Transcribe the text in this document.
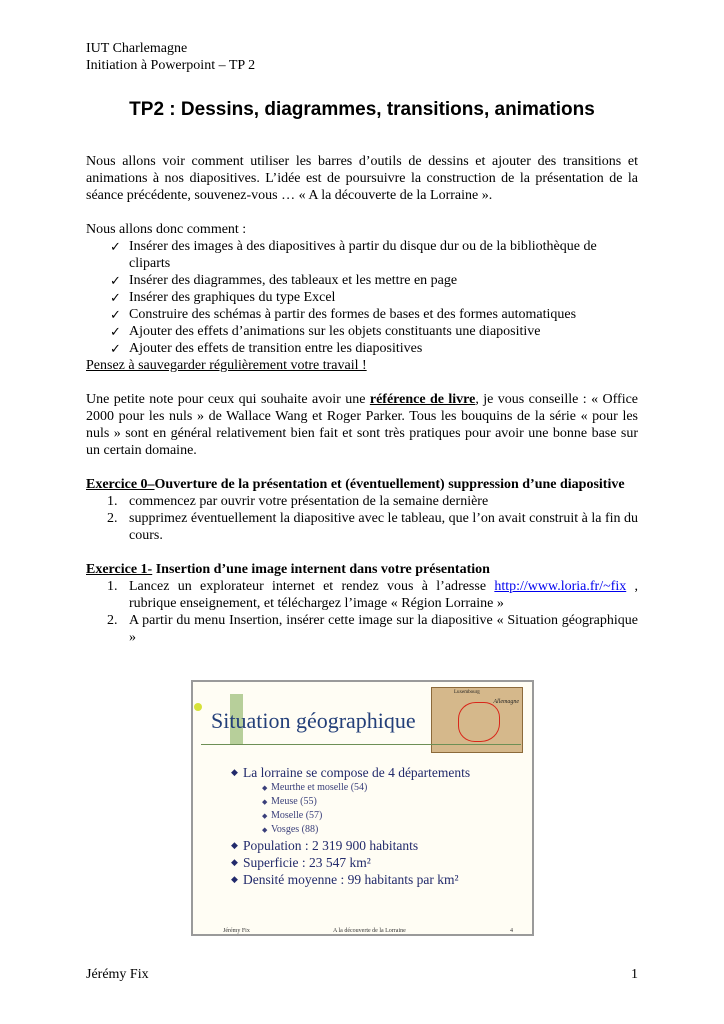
IUT Charlemagne
Initiation à Powerpoint – TP 2
TP2 : Dessins, diagrammes, transitions, animations

Nous allons voir comment utiliser les barres d’outils de dessins et ajouter des transitions et animations à nos diapositives. L’idée est de poursuivre la construction de la présentation de la séance précédente, souvenez-vous … « A la découverte de la Lorraine ».

Nous allons donc comment :

✓ Insérer des images à des diapositives à partir du disque dur ou de la bibliothèque de cliparts
✓ Insérer des diagrammes, des tableaux et les mettre en page
✓ Insérer des graphiques du type Excel
✓ Construire des schémas à partir des formes de bases et des formes automatiques
✓ Ajouter des effets d’animations sur les objets constituants une diapositive
✓ Ajouter des effets de transition entre les diapositives

Pensez à sauvegarder régulièrement votre travail !

Une petite note pour ceux qui souhaite avoir une référence de livre, je vous conseille : « Office 2000 pour les nuls » de Wallace Wang et Roger Parker. Tous les bouquins de la série « pour les nuls » sont en général relativement bien fait et sont très pratiques pour avoir une bonne base sur un certain domaine.

Exercice 0–Ouverture de la présentation et (éventuellement) suppression d’une diapositive
1. commencez par ouvrir votre présentation de la semaine dernière
2. supprimez éventuellement la diapositive avec le tableau, que l’on avait construit à la fin du cours.
Exercice 1- Insertion d’une image internent dans votre présentation
1. Lancez un explorateur internet et rendez vous à l’adresse http://www.loria.fr/~fix , rubrique enseignement, et téléchargez l’image « Région Lorraine »
2. A partir du menu Insertion, insérer cette image sur la diapositive « Situation géographique »
Situation géographique
Luxembourg
Allemagne
◆ La lorraine se compose de 4 départements
◆ Meurthe et moselle (54)
◆ Meuse (55)
◆ Moselle (57)
◆ Vosges (88)
◆ Population : 2 319 900 habitants
◆ Superficie : 23 547 km²
◆ Densité moyenne : 99 habitants par km²
Jérémy Fix	A la découverte de la Lorraine	4
Jérémy Fix	1
